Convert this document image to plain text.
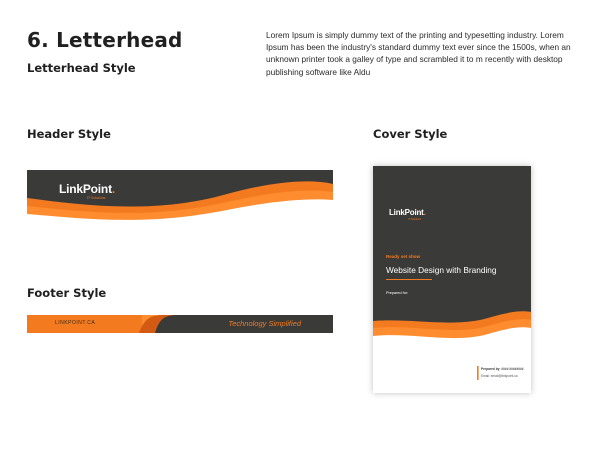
6. Letterhead
Letterhead Style
Lorem Ipsum is simply dummy text of the printing and typesetting industry. Lorem Ipsum has been the industry's standard dummy text ever since the 1500s, when an unknown printer took a galley of type and scrambled it to m recently with desktop publishing software like Aldu
Header Style
Footer Style
Cover Style
LinkPoint.
IT Solutions
LINKPOINT.CA	Technology Simplified
LinkPoint.
IT Solutions
Ready set show
Website Design with Branding
Prepared for:
Prepared by: #### ########
Email: email@linkpoint.ca
